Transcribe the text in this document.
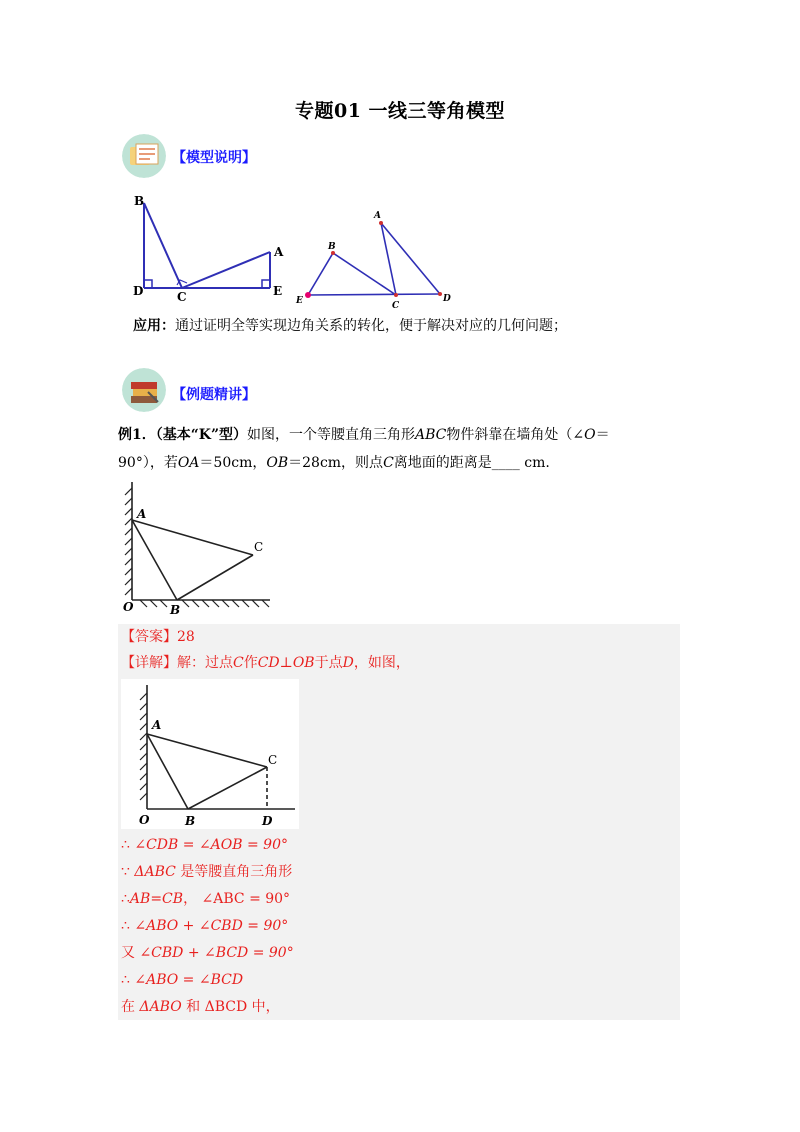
专题01 一线三等角模型
【模型说明】
B
A
D	C	E
A
B
E	C
D
应用：通过证明全等实现边角关系的转化，便于解决对应的几何问题；
【例题精讲】
例1．（基本“K”型）如图，一个等腰直角三角形ABC物件斜靠在墙角处（∠O＝
90°），若OA＝50cm，OB＝28cm，则点C离地面的距离是____ cm.
A
C
O	B
【答案】28
【详解】解：过点C作CD⊥OB于点D，如图，
A
C
O	B	D
∴ ∠CDB = ∠AOB = 90°
∵ ΔABC 是等腰直角三角形
∴AB=CB， ∠ABC = 90°
∴ ∠ABO + ∠CBD = 90°
又 ∠CBD + ∠BCD = 90°
∴ ∠ABO = ∠BCD
在 ΔABO 和 ΔBCD 中，
